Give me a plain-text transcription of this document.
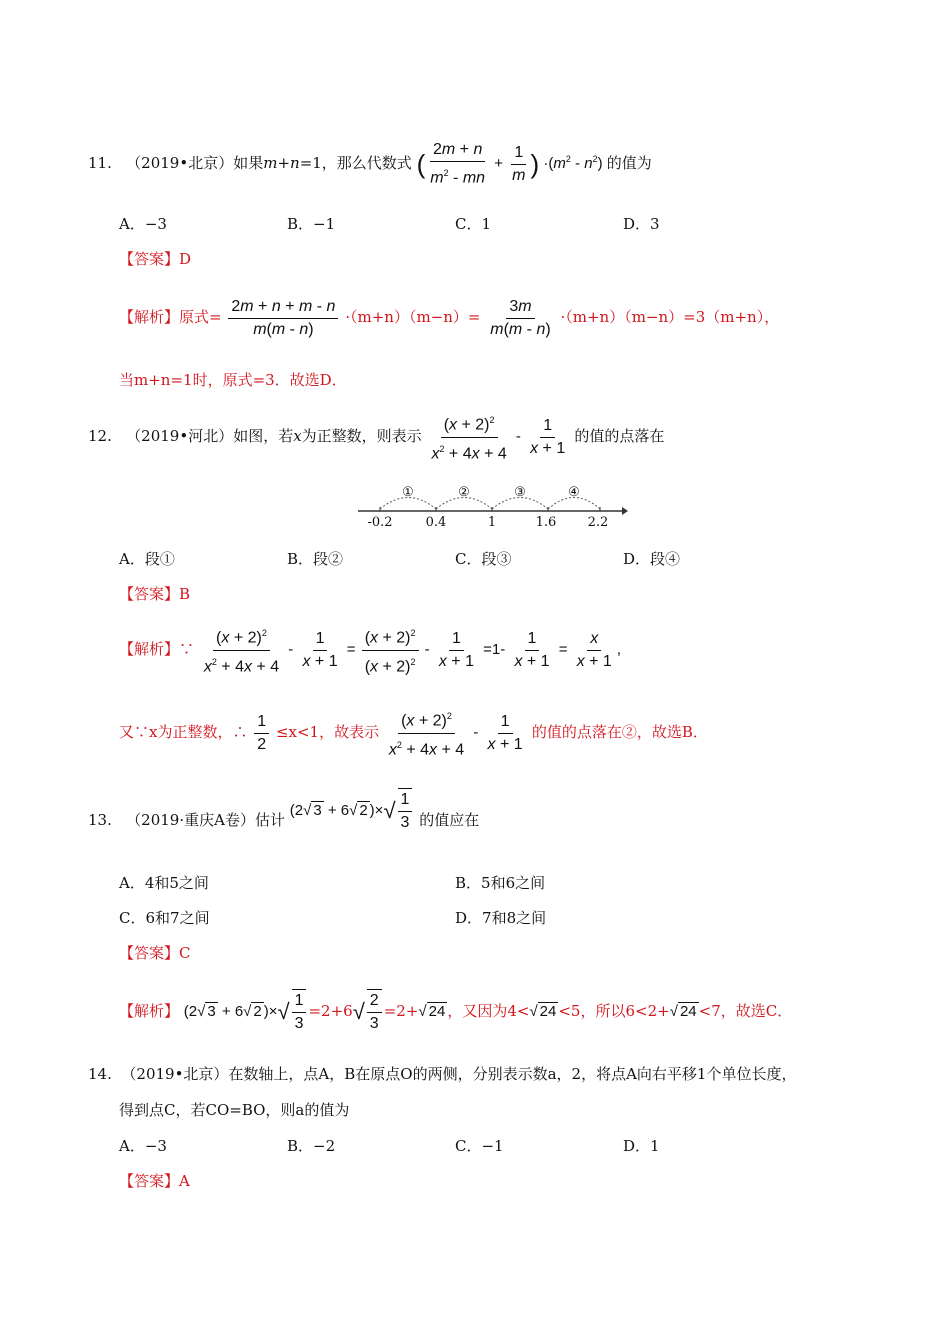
11. （2019•北京）如果m+n=1，那么代数式 ( $\frac{2m + n}{m^2 - mn} + \frac{1}{m}$ ) $\cdot(m^2 - n^2)$ 的值为
A．−3	B．−1	C．1	D．3
【答案】D
【解析】原式= $\frac{2m + n + m - n}{m(m - n)} \cdot(m+n)(m-n)= \frac{3m}{m(m - n)} \cdot(m+n)(m-n)=3(m+n)$，
当m+n=1时，原式=3．故选D．
12. （2019•河北）如图，若x为正整数，则表示 $\frac{(x + 2)^2}{x^2 + 4x + 4} - \frac{1}{x + 1}$ 的值的点落在
①	②	③	④
-0.2	0.4	1	1.6 2.2
A．段①	B．段②	C．段③	D．段④
【答案】B
【解析】∵ $\frac{(x + 2)^2}{x^2 + 4x + 4} - \frac{1}{x + 1} = \frac{(x + 2)^2}{(x + 2)^2} - \frac{1}{x + 1} =1- \frac{1}{x + 1} = \frac{x}{x + 1}$ ,
又∵x为正整数，∴ $\frac{1}{2} \le x<1$，故表示 $\frac{(x + 2)^2}{x^2 + 4x + 4} - \frac{1}{x + 1}$ 的值的点落在②，故选B．
13. （2019·重庆A卷）估计 (2√ 3 + 6√ 2 )×√ $\frac{1}{3}$ 的值应在
A．4和5之间	B．5和6之间
C．6和7之间	D．7和8之间
【答案】C
【解析】 (2√ 3 + 6√ 2 )×√ $\frac{1}{3} =2+6√ \frac{2}{3} =2+√$ 24 ，又因为4<√ 24 <5，所以6<2+√ 24 <7，故选C．
14. （2019•北京）在数轴上，点A，B在原点O的两侧，分别表示数a，2，将点A向右平移1个单位长度，
得到点C，若CO=BO，则a的值为
A．−3	B．−2	C．−1	D．1
【答案】A
